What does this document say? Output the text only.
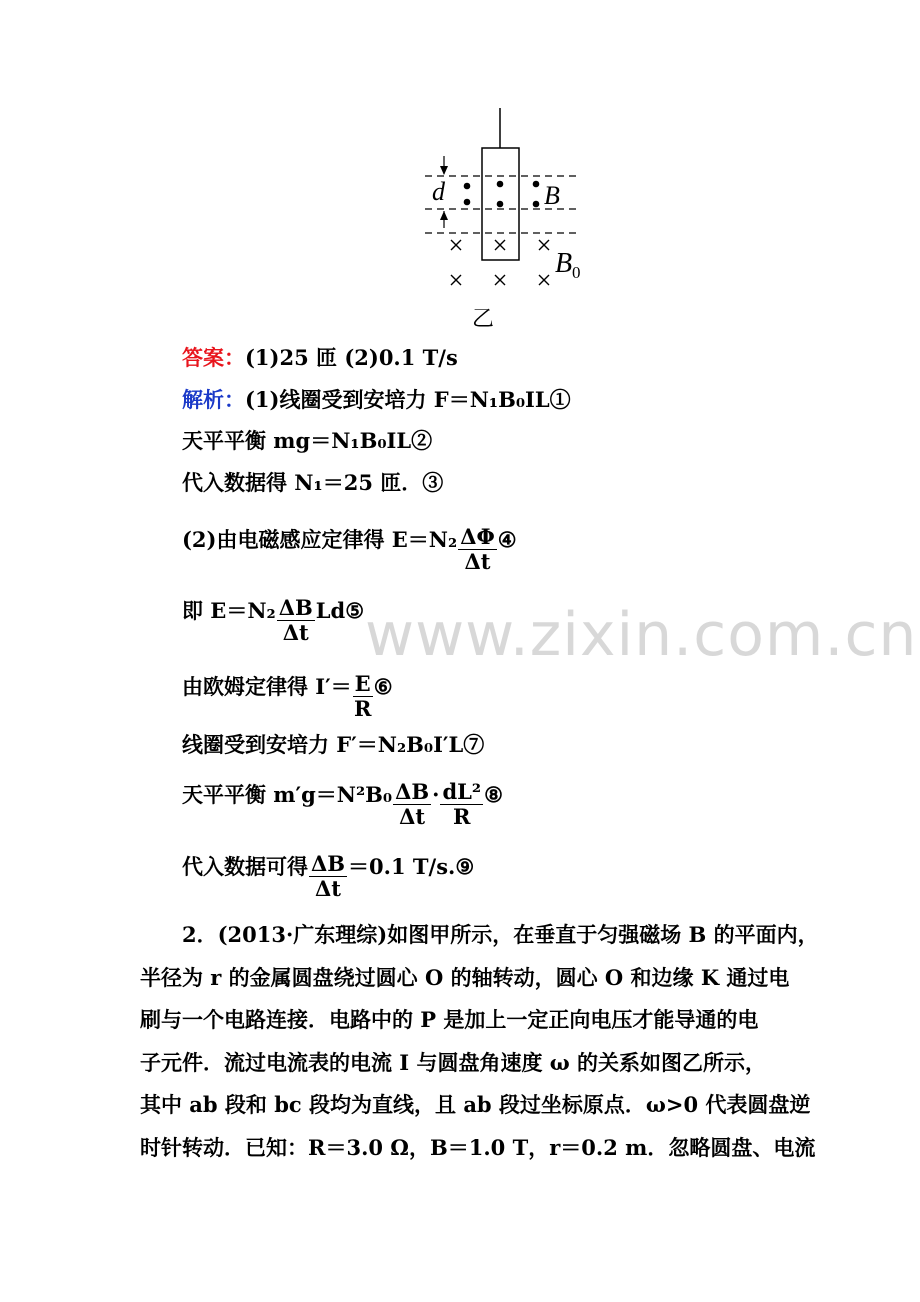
www.zixin.com.cn
d	B
B 0
乙
答案：(1)25 匝 (2)0.1 T/s
解析：(1)线圈受到安培力 F＝N₁B₀IL①
天平平衡 mg＝N₁B₀IL②
代入数据得 N₁＝25 匝．③
(2)由电磁感应定律得 $E=N_2 \frac{\Delta\Phi}{\Delta t}$ ④
即 $E=N_2 \frac{\Delta B}{\Delta t}$ Ld⑤
由欧姆定律得 $I'= \frac{E}{R}$ ⑥
线圈受到安培力 F′＝N₂B₀I′L⑦
天平平衡 $m'g=N^2B_0 \frac{\Delta B}{\Delta t} \cdot \frac{\text{dL²}}{R}$ ⑧
代入数据可得 $\frac{\Delta B}{\Delta t} =0.1$ T/s.⑨
2．(2013·广东理综)如图甲所示，在垂直于匀强磁场 B 的平面内，
半径为 r 的金属圆盘绕过圆心 O 的轴转动，圆心 O 和边缘 K 通过电
刷与一个电路连接．电路中的 P 是加上一定正向电压才能导通的电
子元件．流过电流表的电流 I 与圆盘角速度 ω 的关系如图乙所示，
其中 ab 段和 bc 段均为直线，且 ab 段过坐标原点．ω>0 代表圆盘逆
时针转动．已知：R＝3.0 Ω，B＝1.0 T，r＝0.2 m．忽略圆盘、电流
